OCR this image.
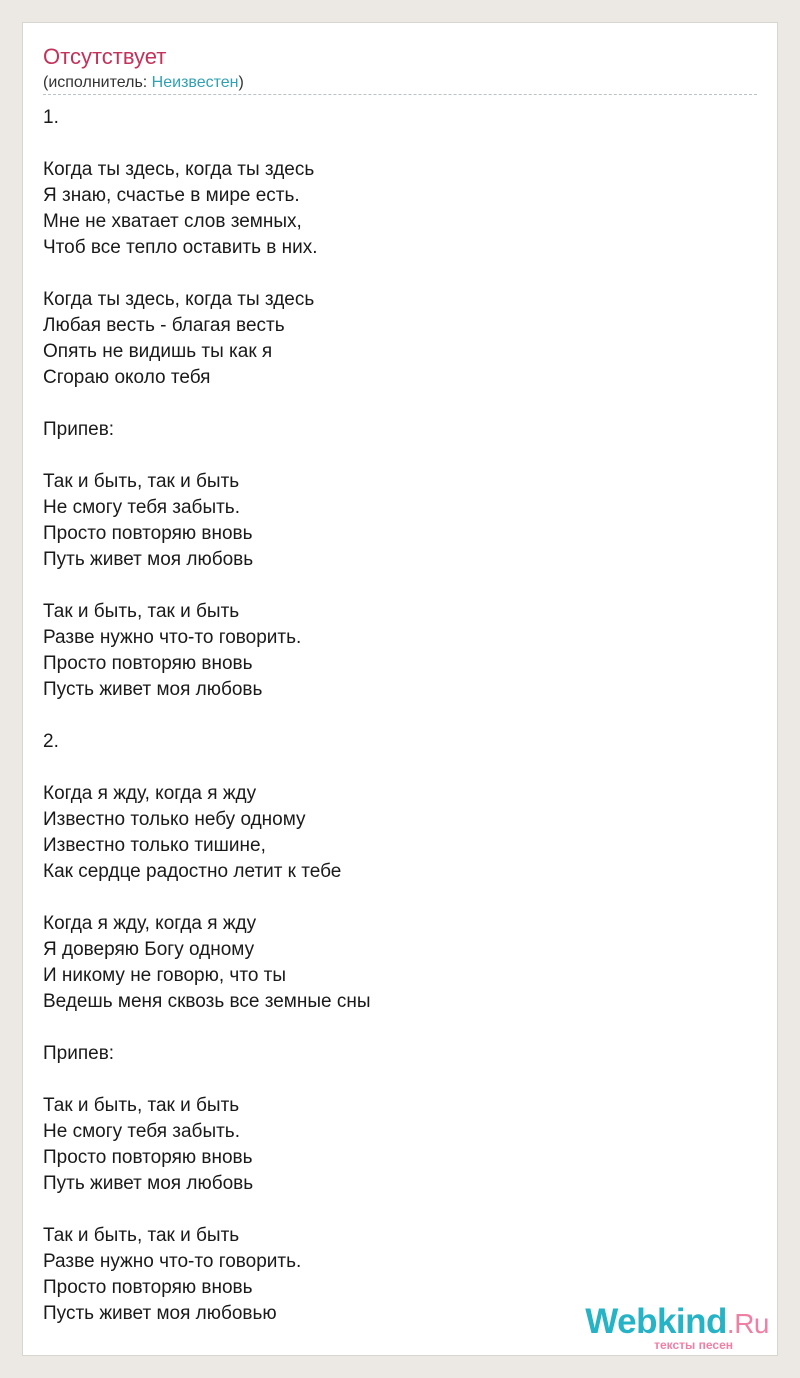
Отсутствует
(исполнитель: Неизвестен)
1.
Когда ты здесь, когда ты здесь
Я знаю, счастье в мире есть.
Мне не хватает слов земных,
Чтоб все тепло оставить в них.
Когда ты здесь, когда ты здесь
Любая весть - благая весть
Опять не видишь ты как я
Сгораю около тебя
Припев:
Так и быть, так и быть
Не смогу тебя забыть.
Просто повторяю вновь
Путь живет моя любовь
Так и быть, так и быть
Разве нужно что-то говорить.
Просто повторяю вновь
Пусть живет моя любовь
2.
Когда я жду, когда я жду
Известно только небу одному
Известно только тишине,
Как сердце радостно летит к тебе
Когда я жду, когда я жду
Я доверяю Богу одному
И никому не говорю, что ты
Ведешь меня сквозь все земные сны
Припев:
Так и быть, так и быть
Не смогу тебя забыть.
Просто повторяю вновь
Путь живет моя любовь
Так и быть, так и быть
Разве нужно что-то говорить.
Просто повторяю вновь
Пусть живет моя любовью	Webkind.Ru
тексты песен
